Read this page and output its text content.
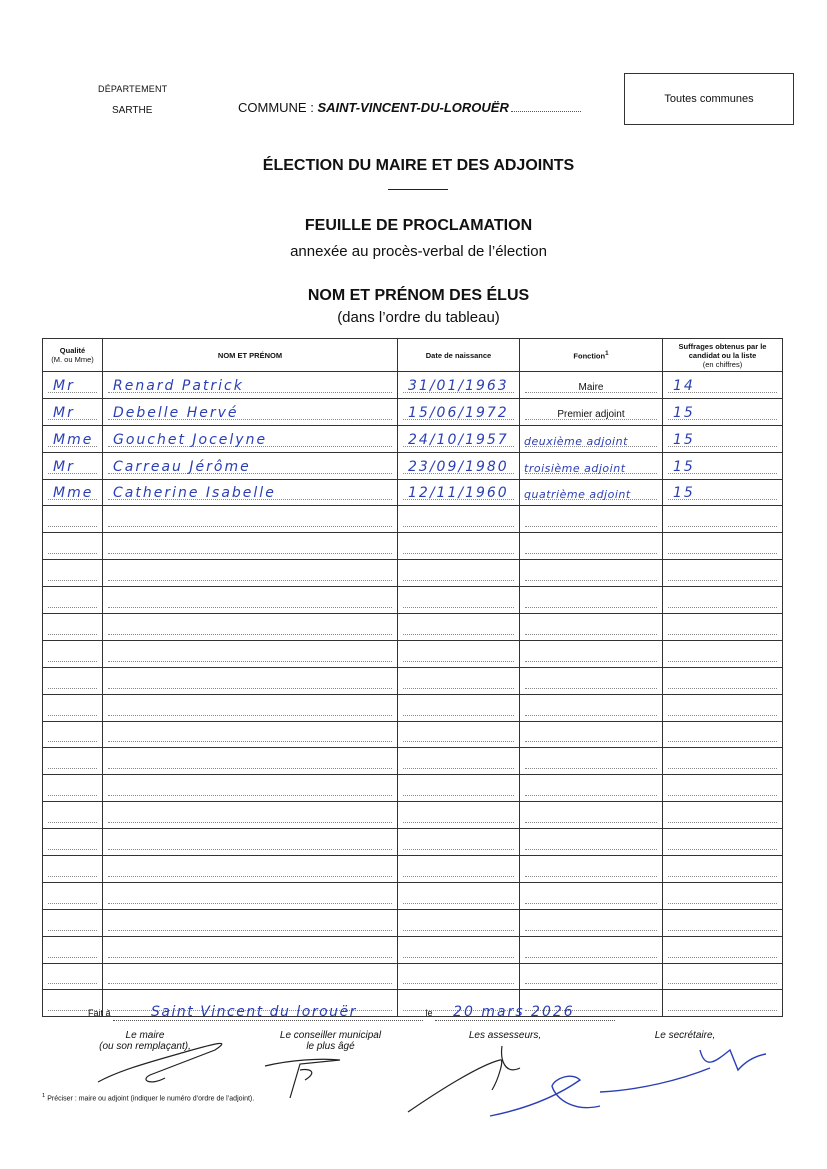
DÉPARTEMENT
SARTHE	COMMUNE : SAINT-VINCENT-DU-LOROUËR
Toutes communes
ÉLECTION DU MAIRE ET DES ADJOINTS
FEUILLE DE PROCLAMATION
annexée au procès-verbal de l’élection
NOM ET PRÉNOM DES ÉLUS
(dans l’ordre du tableau)
Qualité
(M. ou Mme)	NOM ET PRÉNOM	Date de naissance	Fonction$^1$	Suffrages obtenus par le candidat ou la liste
(en chiffres)

Mr	Renard Patrick	31/01/1963	Maire	14

Mr	Debelle Hervé	15/06/1972	Premier adjoint	15

Mme	Gouchet Jocelyne	24/10/1957	deuxième adjoint	15

Mr	Carreau Jérôme	23/09/1980	troisième adjoint	15

Mme	Catherine Isabelle	12/11/1960	quatrième adjoint	15

Fait à	Saint Vincent du lorouër	le 20 mars 2026
Le maire
(ou son remplaçant),
Le conseiller municipal
le plus âgé
Les assesseurs,	Le secrétaire,
$^1$ Préciser : maire ou adjoint (indiquer le numéro d’ordre de l’adjoint).
